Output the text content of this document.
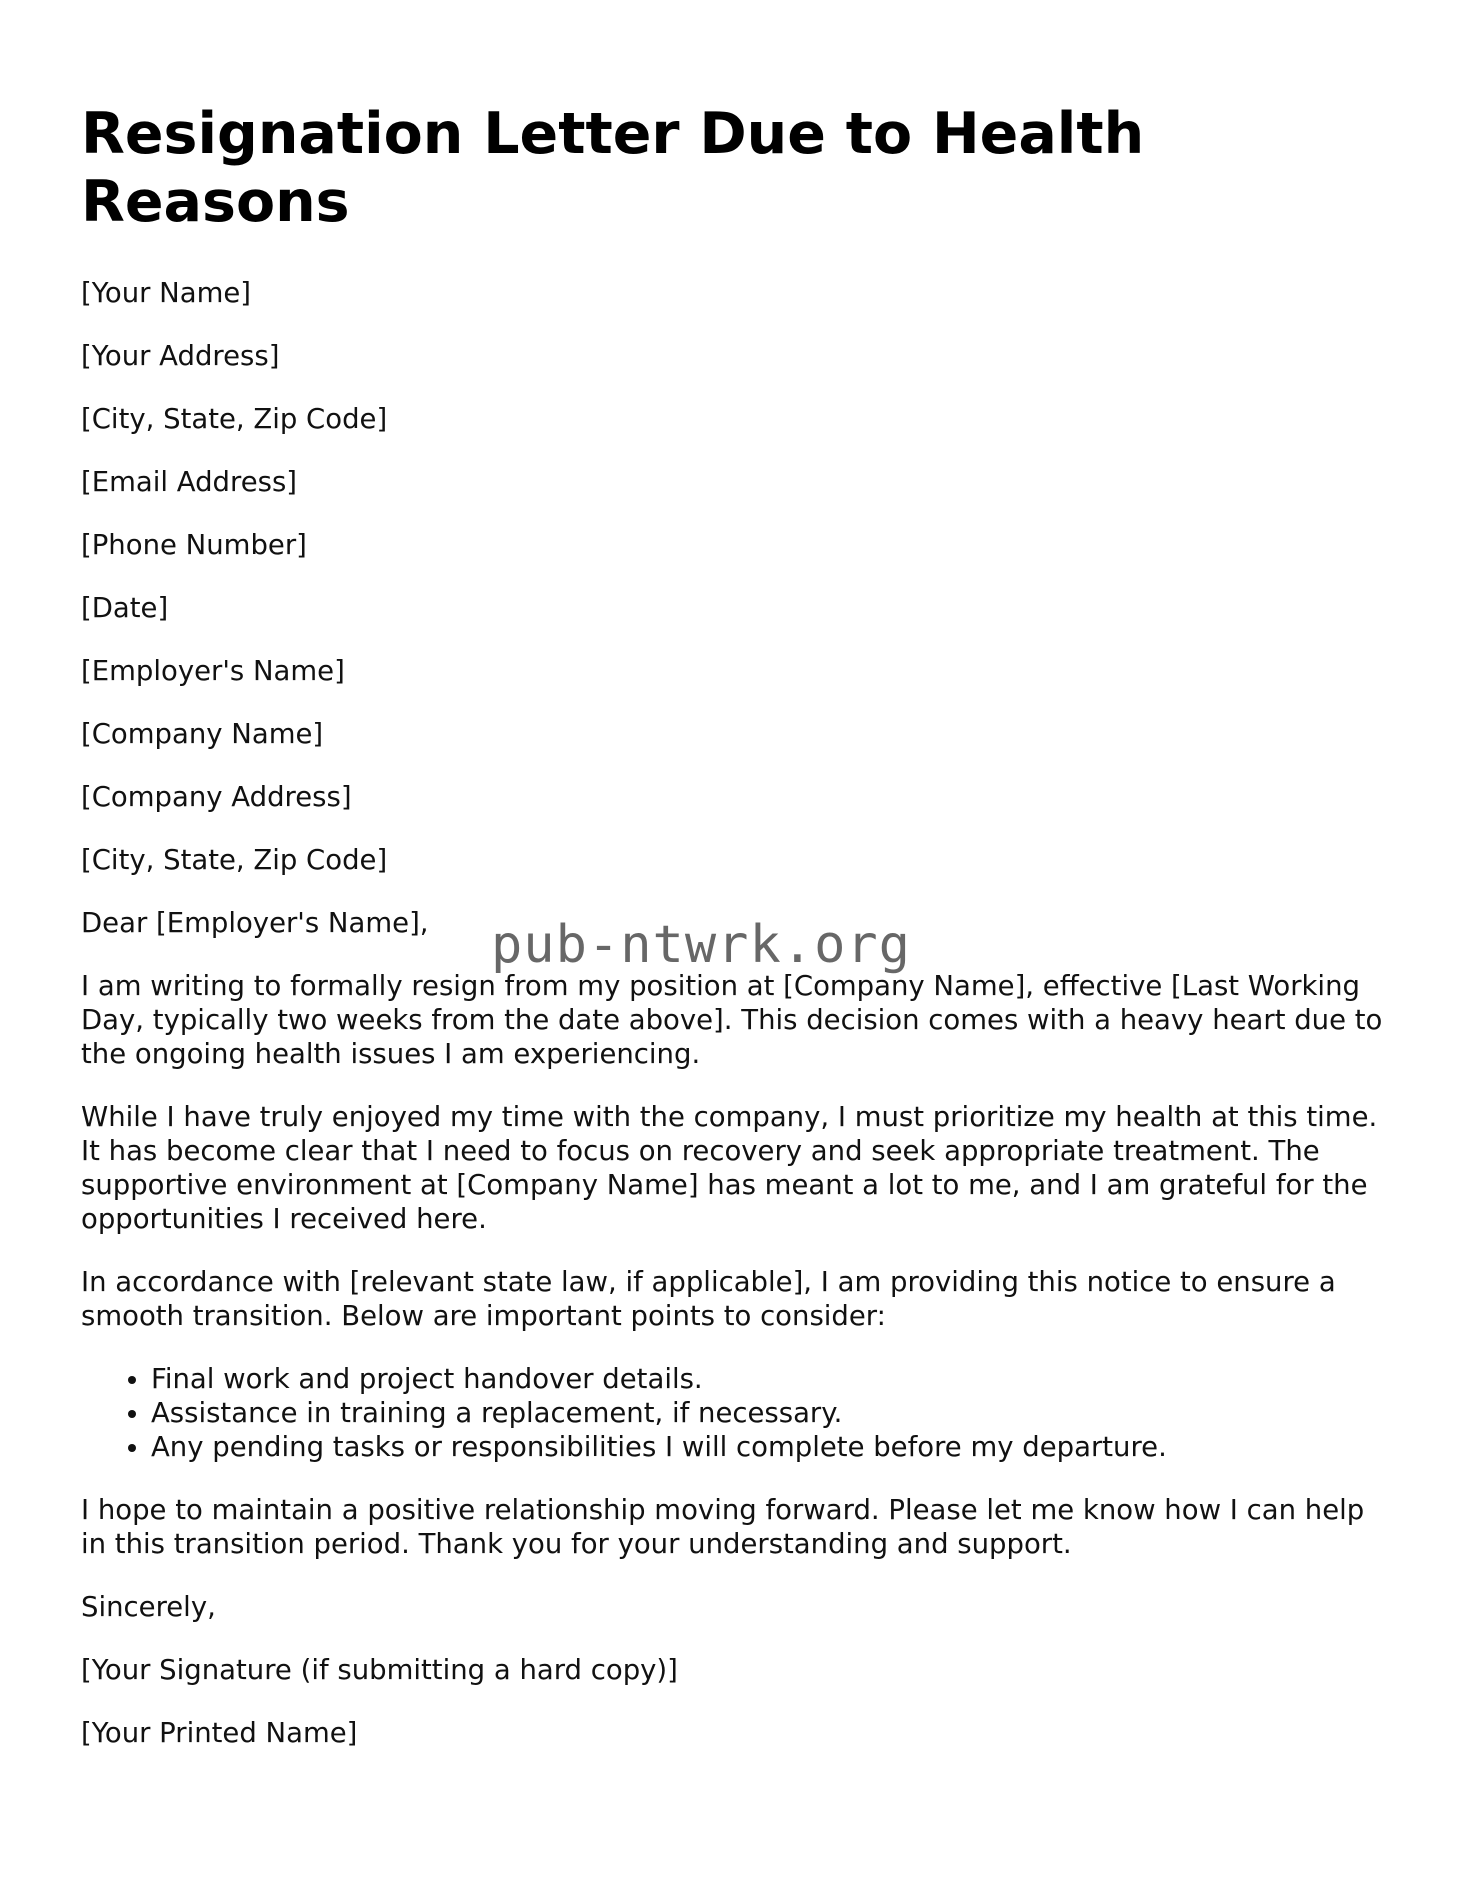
Resignation Letter Due to Health Reasons
[Your Name]
[Your Address]
[City, State, Zip Code]
[Email Address]
[Phone Number]
[Date]
[Employer's Name]
[Company Name]
[Company Address]
[City, State, Zip Code]
Dear [Employer's Name],

I am writing to formally resign from my position at [Company Name], effective [Last Working Day, typically two weeks from the date above]. This decision comes with a heavy heart due to the ongoing health issues I am experiencing.

While I have truly enjoyed my time with the company, I must prioritize my health at this time. It has become clear that I need to focus on recovery and seek appropriate treatment. The supportive environment at [Company Name] has meant a lot to me, and I am grateful for the opportunities I received here.

In accordance with [relevant state law, if applicable], I am providing this notice to ensure a smooth transition. Below are important points to consider:

• Final work and project handover details.
• Assistance in training a replacement, if necessary.
• Any pending tasks or responsibilities I will complete before my departure.

I hope to maintain a positive relationship moving forward. Please let me know how I can help in this transition period. Thank you for your understanding and support.

Sincerely,
[Your Signature (if submitting a hard copy)]
[Your Printed Name]
pub-ntwrk.org
